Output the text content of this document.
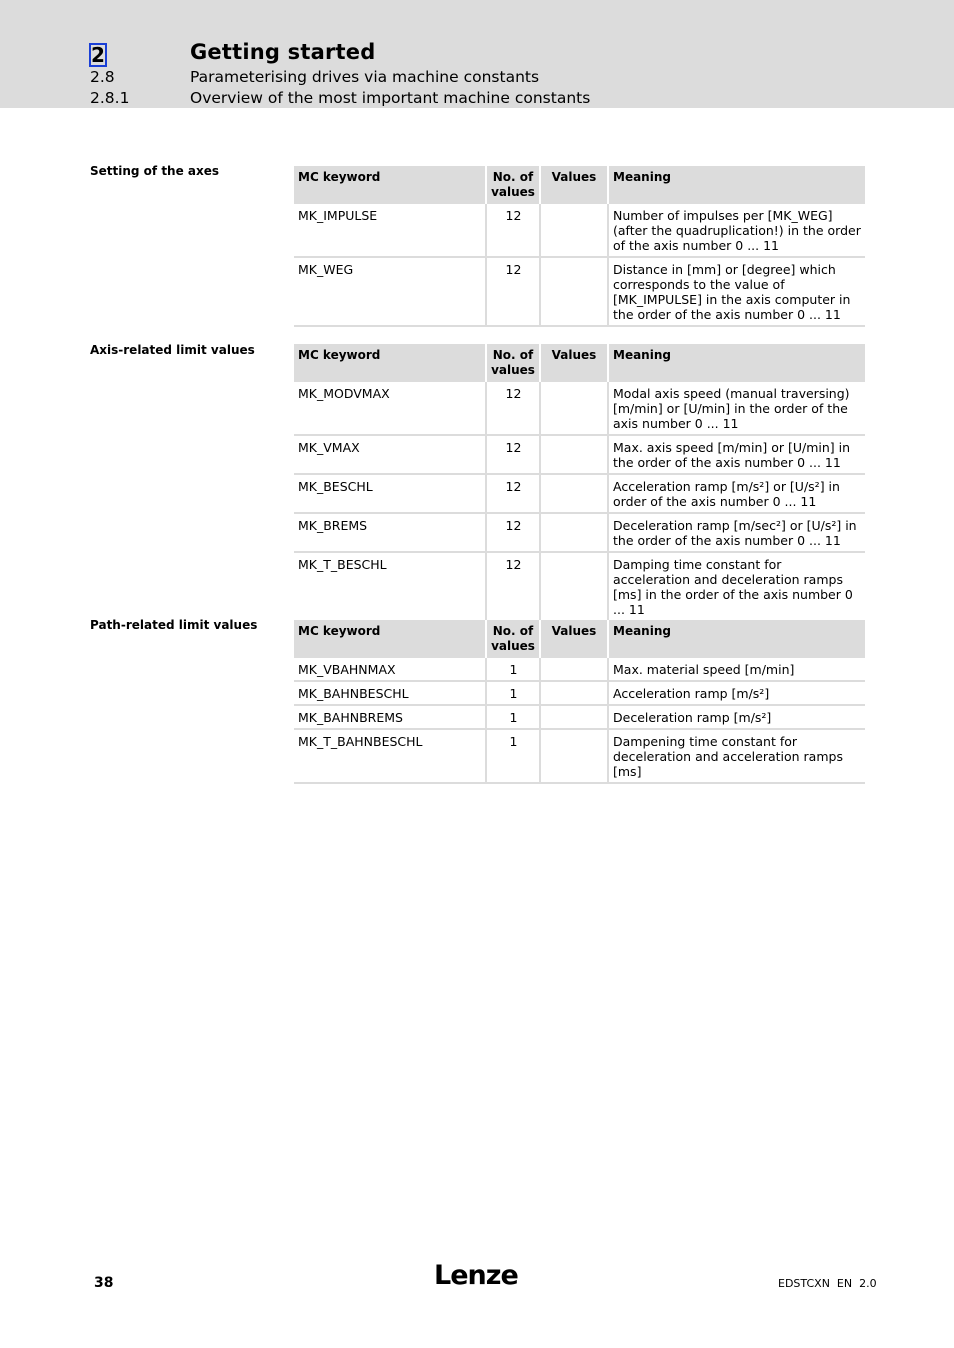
2	Getting started
2.8	Parameterising drives via machine constants
2.8.1	Overview of the most important machine constants
Setting of the axes	MC keyword	No. of values	Values	Meaning
MK_IMPULSE	12		Number of impulses per [MK_WEG] (after the quadruplication!) in the order of the axis number 0 ... 11
MK_WEG	12		Distance in [mm] or [degree] which corresponds to the value of [MK_IMPULSE] in the axis computer in the order of the axis number 0 ... 11
Axis-related limit values	MC keyword	No. of values	Values	Meaning
MK_MODVMAX	12		Modal axis speed (manual traversing) [m/min] or [U/min] in the order of the axis number 0 ... 11
MK_VMAX	12		Max. axis speed [m/min] or [U/min] in the order of the axis number 0 ... 11
MK_BESCHL	12		Acceleration ramp [m/s²] or [U/s²] in order of the axis number 0 ... 11
MK_BREMS	12		Deceleration ramp [m/sec²] or [U/s²] in the order of the axis number 0 ... 11
MK_T_BESCHL	12		Damping time constant for acceleration and deceleration ramps [ms] in the order of the axis number 0 ... 11
Path-related limit values	MC keyword	No. of values	Values	Meaning
MK_VBAHNMAX	1		Max. material speed [m/min]
MK_BAHNBESCHL	1		Acceleration ramp [m/s²]
MK_BAHNBREMS	1		Deceleration ramp [m/s²]
MK_T_BAHNBESCHL	1		Dampening time constant for deceleration and acceleration ramps [ms]
38	Lenze	EDSTCXN  EN  2.0
